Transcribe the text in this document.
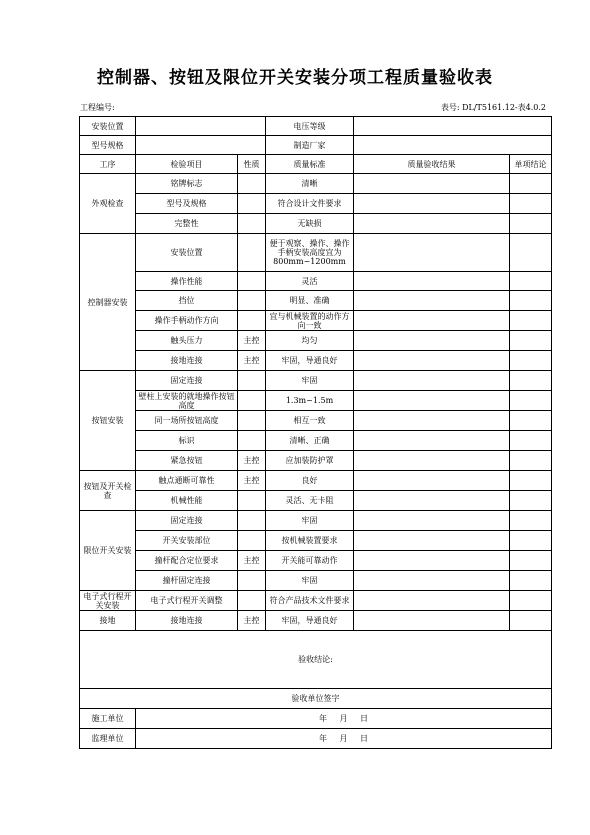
控制器、按钮及限位开关安装分项工程质量验收表
工程编号:	表号: DL/T5161.12-表4.0.2
安装位置			电压等级		
型号规格			制造厂家		
工序	检验项目	性质	质量标准	质量验收结果	单项结论
外观检查	铭牌标志		清晰		
	型号及规格		符合设计文件要求		
	完整性		无缺损		
控制器安装	安装位置		便于观察、操作、操作手柄安装高度宜为800mm~1200mm		
	操作性能		灵活		
	挡位		明显、准确		
	操作手柄动作方向		宜与机械装置的动作方向一致		
	触头压力	主控	均匀		
	接地连接	主控	牢固，导通良好		
按钮安装	固定连接		牢固		
	壁柱上安装的就地操作按钮高度		1.3m~1.5m		
	同一场所按钮高度		相互一致		
	标识		清晰、正确		
	紧急按钮	主控	应加装防护罩		
按钮及开关检查	触点通断可靠性	主控	良好		
	机械性能		灵活、无卡阻		
限位开关安装	固定连接		牢固		
	开关安装部位		按机械装置要求		
	撞杆配合定位要求	主控	开关能可靠动作		
	撞杆固定连接		牢固		
电子式行程开关安装	电子式行程开关调整		符合产品技术文件要求		
接地	接地连接	主控	牢固，导通良好		
验收结论:					
验收单位签字					
施工单位	年 月 日				
监理单位	年 月 日				
